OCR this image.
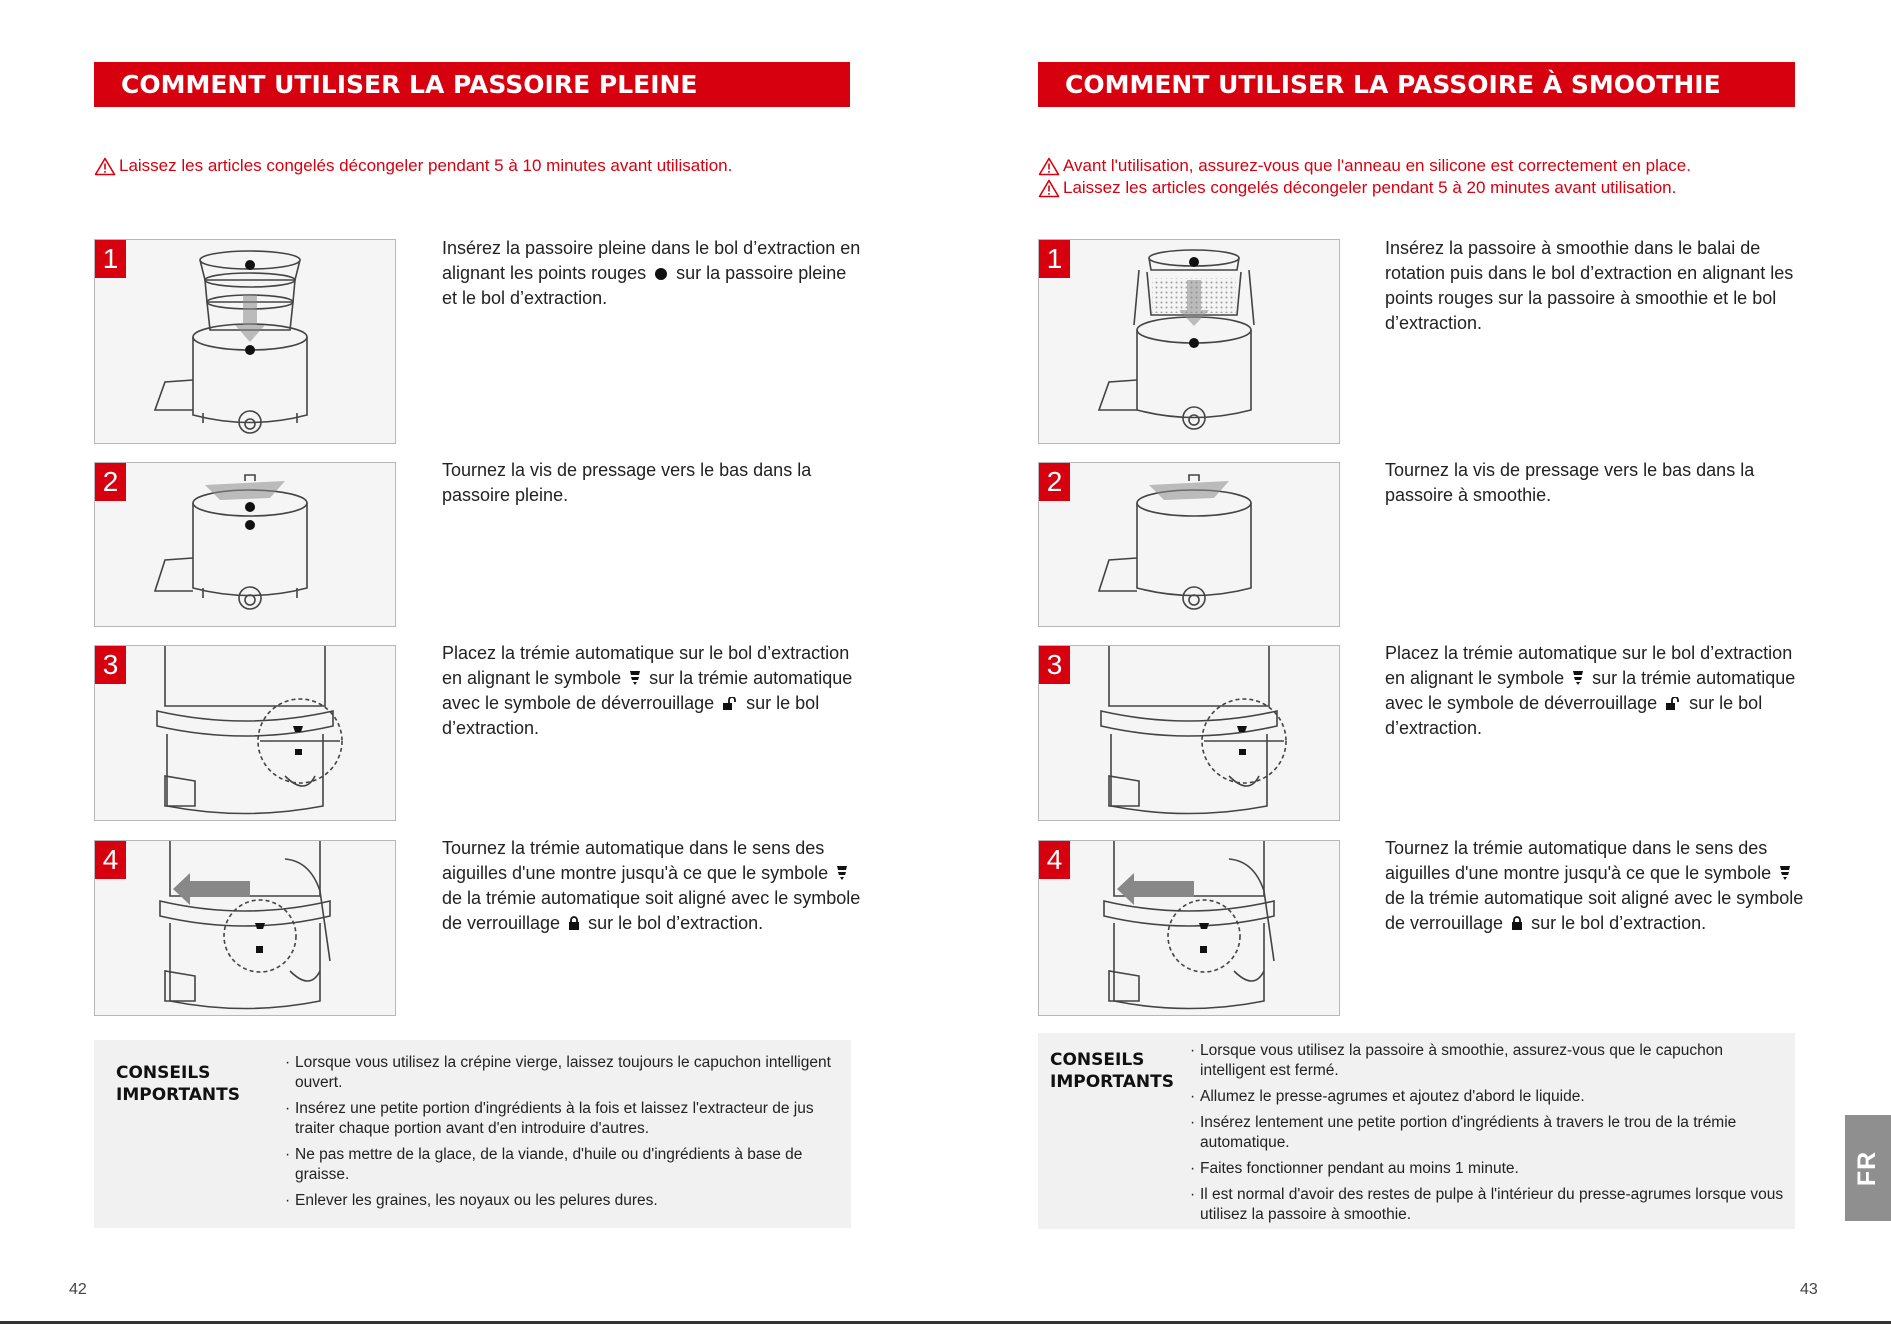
COMMENT UTILISER LA PASSOIRE PLEINE
Laissez les articles congelés décongeler pendant 5 à 10 minutes avant utilisation.
1	Insérez la passoire pleine dans le bol d’extraction en alignant les points rouges  sur la passoire pleine et le bol d’extraction.
2	Tournez la vis de pressage vers le bas dans la passoire pleine.
3	Placez la trémie automatique sur le bol d’extraction en alignant le symbole  sur la trémie automatique avec le symbole de déverrouillage  sur le bol d’extraction.
4	Tournez la trémie automatique dans le sens des aiguilles d'une montre jusqu'à ce que le symbole  de la trémie automatique soit aligné avec le symbole de verrouillage  sur le bol d’extraction.
CONSEILS
IMPORTANTS
· Lorsque vous utilisez la crépine vierge, laissez toujours le capuchon intelligent ouvert.
· Insérez une petite portion d'ingrédients à la fois et laissez l'extracteur de jus traiter chaque portion avant d'en introduire d'autres.
· Ne pas mettre de la glace, de la viande, d'huile ou d'ingrédients à base de graisse.
· Enlever les graines, les noyaux ou les pelures dures.
42
COMMENT UTILISER LA PASSOIRE À SMOOTHIE
Avant l'utilisation, assurez-vous que l'anneau en silicone est correctement en place.
Laissez les articles congelés décongeler pendant 5 à 20 minutes avant utilisation.
1	Insérez la passoire à smoothie dans le balai de rotation puis dans le bol d’extraction en alignant les points rouges sur la passoire à smoothie et le bol d’extraction.
2	Tournez la vis de pressage vers le bas dans la passoire à smoothie.
3	Placez la trémie automatique sur le bol d’extraction en alignant le symbole  sur la trémie automatique avec le symbole de déverrouillage  sur le bol d’extraction.
4	Tournez la trémie automatique dans le sens des aiguilles d'une montre jusqu'à ce que le symbole  de la trémie automatique soit aligné avec le symbole de verrouillage  sur le bol d’extraction.
CONSEILS
IMPORTANTS
· Lorsque vous utilisez la passoire à smoothie, assurez-vous que le capuchon intelligent est fermé.
· Allumez le presse-agrumes et ajoutez d'abord le liquide.
· Insérez lentement une petite portion d'ingrédients à travers le trou de la trémie automatique.
· Faites fonctionner pendant au moins 1 minute.
· Il est normal d'avoir des restes de pulpe à l'intérieur du presse-agrumes lorsque vous utilisez la passoire à smoothie.
43
FR
